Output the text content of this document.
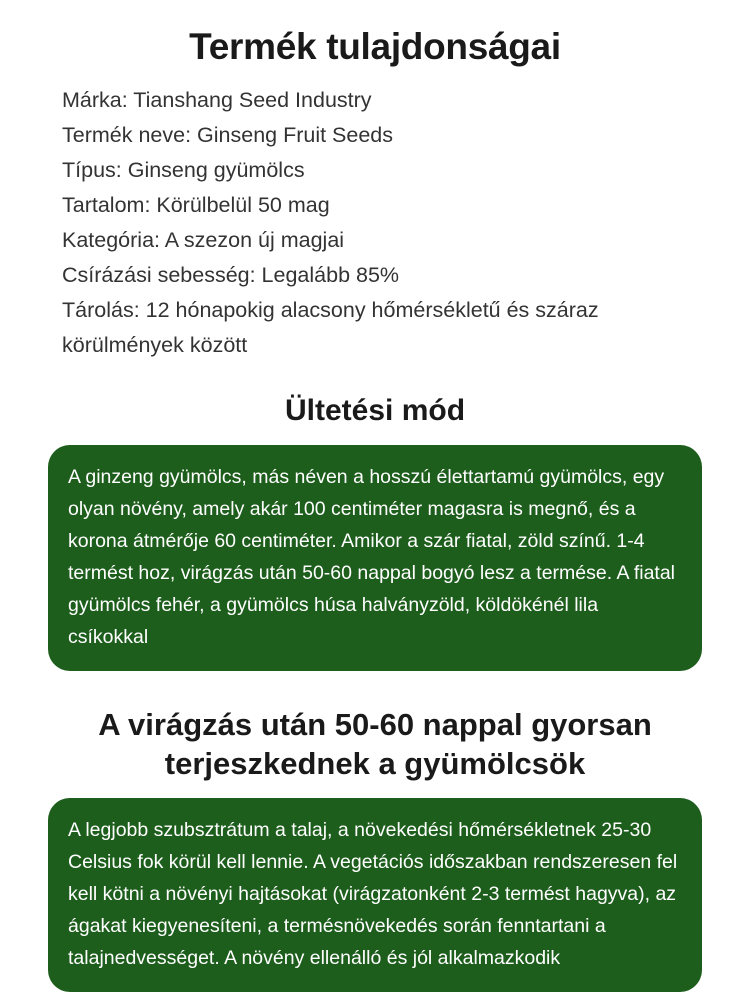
Termék tulajdonságai
Márka: Tianshang Seed Industry
Termék neve: Ginseng Fruit Seeds
Típus: Ginseng gyümölcs
Tartalom: Körülbelül 50 mag
Kategória: A szezon új magjai
Csírázási sebesség: Legalább 85%
Tárolás: 12 hónapokig alacsony hőmérsékletű és száraz körülmények között
Ültetési mód

A ginzeng gyümölcs, más néven a hosszú élettartamú gyümölcs, egy olyan növény, amely akár 100 centiméter magasra is megnő, és a korona átmérője 60 centiméter. Amikor a szár fiatal, zöld színű. 1-4 termést hoz, virágzás után 50-60 nappal bogyó lesz a termése. A fiatal gyümölcs fehér, a gyümölcs húsa halványzöld, köldökénél lila csíkokkal

A virágzás után 50-60 nappal gyorsan terjeszkednek a gyümölcsök

A legjobb szubsztrátum a talaj, a növekedési hőmérsékletnek 25-30 Celsius fok körül kell lennie. A vegetációs időszakban rendszeresen fel kell kötni a növényi hajtásokat (virágzatonként 2-3 termést hagyva), az ágakat kiegyenesíteni, a termésnövekedés során fenntartani a talajnedvességet. A növény ellenálló és jól alkalmazkodik
